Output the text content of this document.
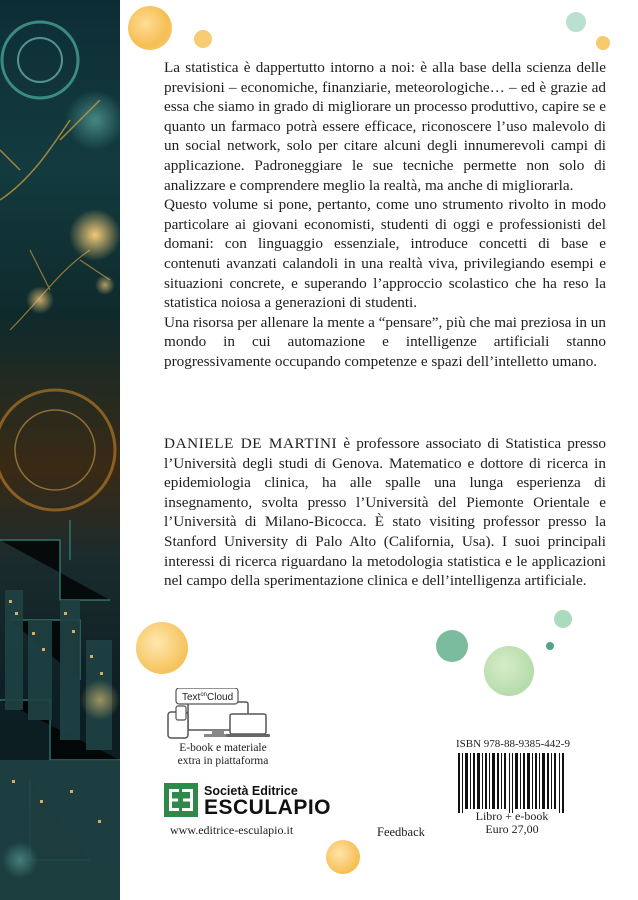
La statistica è dappertutto intorno a noi: è alla base della scienza delle previsioni – economiche, finanziarie, meteorologiche… – ed è grazie ad essa che siamo in grado di migliorare un processo produttivo, capire se e quanto un farmaco potrà essere efficace, riconoscere l’uso malevolo di un social network, solo per citare alcuni degli innumerevoli campi di applicazione. Padroneggiare le sue tecniche permette non solo di analizzare e comprendere meglio la realtà, ma anche di migliorarla.

Questo volume si pone, pertanto, come uno strumento rivolto in modo particolare ai giovani economisti, studenti di oggi e professionisti del domani: con linguaggio essenziale, introduce concetti di base e contenuti avanzati calandoli in una realtà viva, privilegiando esempi e situazioni concrete, e superando l’approccio scolastico che ha reso la statistica noiosa a generazioni di studenti.

Una risorsa per allenare la mente a “pensare”, più che mai preziosa in un mondo in cui automazione e intelligenze artificiali stanno progressivamente occupando competenze e spazi dell’intelletto umano.

DANIELE DE MARTINI è professore associato di Statistica presso l’Università degli studi di Genova. Matematico e dottore di ricerca in epidemiologia clinica, ha alle spalle una lunga esperienza di insegnamento, svolta presso l’Università del Piemonte Orientale e l’Università di Milano-Bicocca. È stato visiting professor presso la Stanford University di Palo Alto (California, Usa). I suoi principali interessi di ricerca riguardano la metodologia statistica e le applicazioni nel campo della sperimentazione clinica e dell’intelligenza artificiale.

Text$^{on}$Cloud
E-book e materiale
extra in piattaforma
Società Editrice
ESCULAPIO
www.editrice-esculapio.it	Feedback
ISBN 978-88-9385-442-9
Libro + e-book
Euro 27,00
